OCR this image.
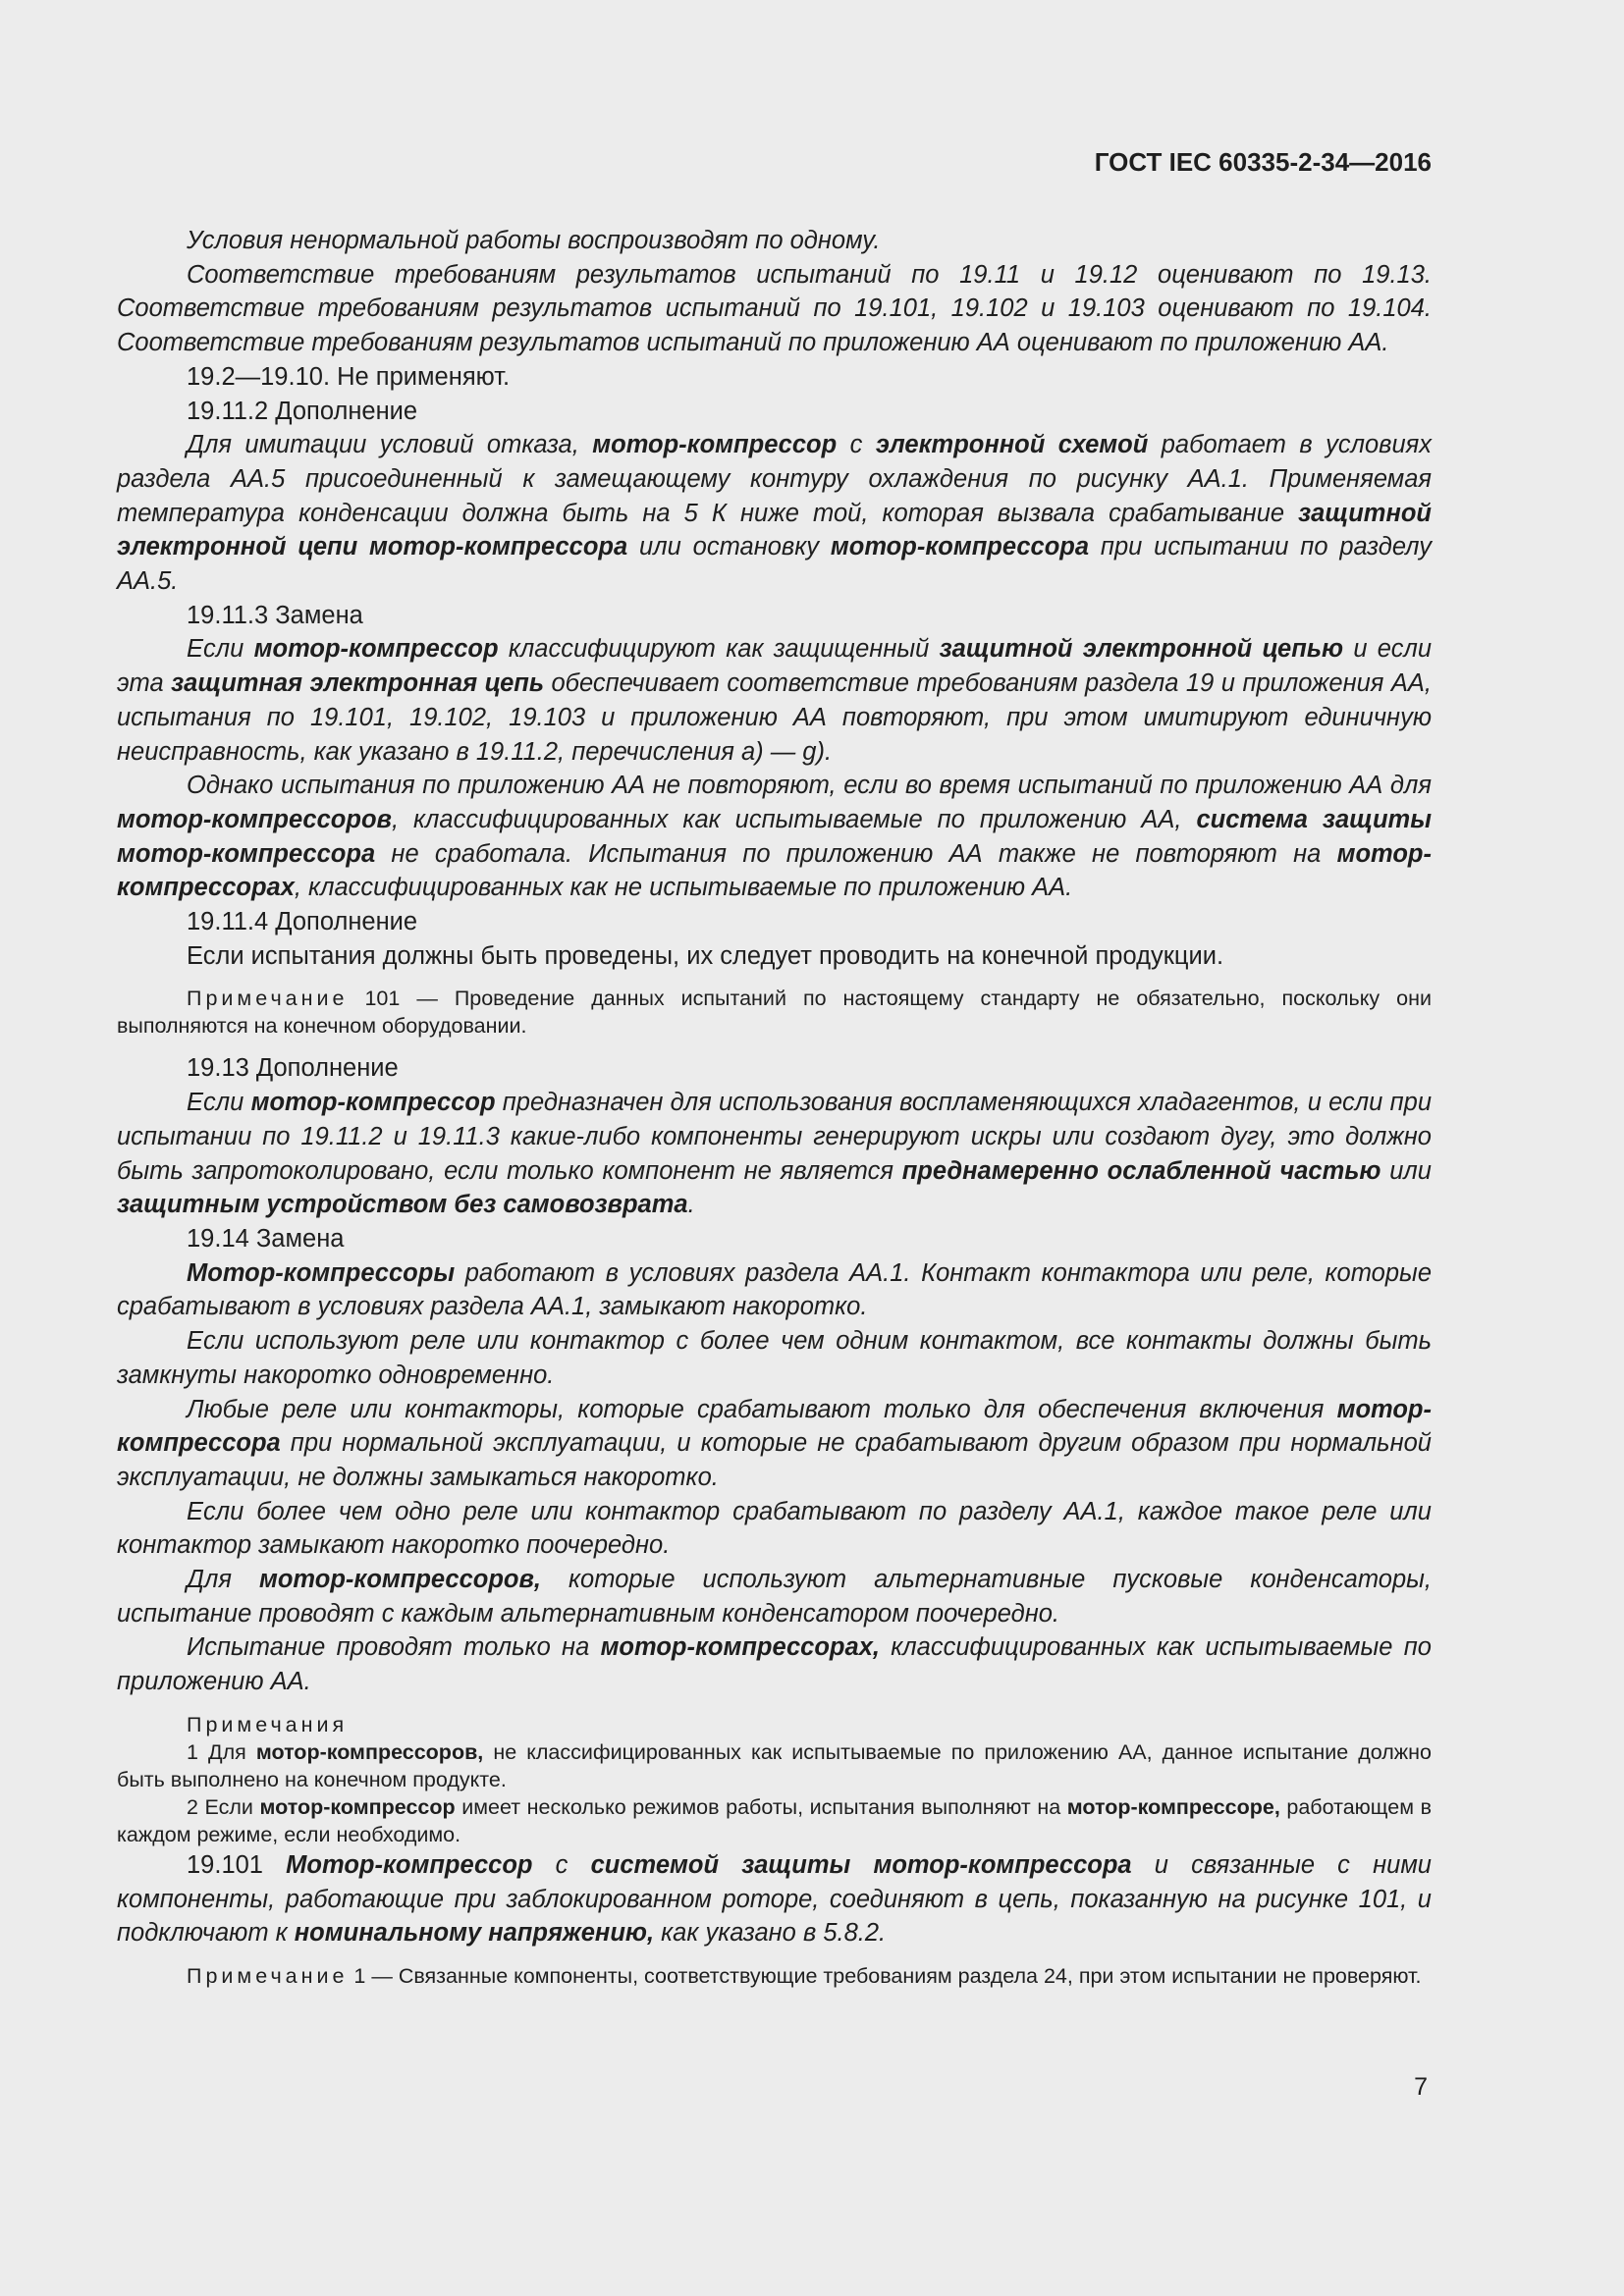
ГОСТ IEC 60335-2-34—2016

Условия ненормальной работы воспроизводят по одному.

Соответствие требованиям результатов испытаний по 19.11 и 19.12 оценивают по 19.13. Соответствие требованиям результатов испытаний по 19.101, 19.102 и 19.103 оценивают по 19.104. Соответствие требованиям результатов испытаний по приложению АА оценивают по приложению АА.

19.2—19.10. Не применяют.

19.11.2 Дополнение

Для имитации условий отказа, мотор-компрессор с электронной схемой работает в условиях раздела АА.5 присоединенный к замещающему контуру охлаждения по рисунку АА.1. Применяемая температура конденсации должна быть на 5 К ниже той, которая вызвала срабатывание защитной электронной цепи мотор-компрессора или остановку мотор-компрессора при испытании по разделу АА.5.

19.11.3 Замена

Если мотор-компрессор классифицируют как защищенный защитной электронной цепью и если эта защитная электронная цепь обеспечивает соответствие требованиям раздела 19 и приложения АА, испытания по 19.101, 19.102, 19.103 и приложению АА повторяют, при этом имитируют единичную неисправность, как указано в 19.11.2, перечисления а) — g).

Однако испытания по приложению АА не повторяют, если во время испытаний по приложению АА для мотор-компрессоров, классифицированных как испытываемые по приложению АА, система защиты мотор-компрессора не сработала. Испытания по приложению АА также не повторяют на мотор-компрессорах, классифицированных как не испытываемые по приложению АА.

19.11.4 Дополнение

Если испытания должны быть проведены, их следует проводить на конечной продукции.

Примечание 101 — Проведение данных испытаний по настоящему стандарту не обязательно, поскольку они выполняются на конечном оборудовании.

19.13 Дополнение

Если мотор-компрессор предназначен для использования воспламеняющихся хладагентов, и если при испытании по 19.11.2 и 19.11.3 какие-либо компоненты генерируют искры или создают дугу, это должно быть запротоколировано, если только компонент не является преднамеренно ослабленной частью или защитным устройством без самовозврата.

19.14 Замена

Мотор-компрессоры работают в условиях раздела АА.1. Контакт контактора или реле, которые срабатывают в условиях раздела АА.1, замыкают накоротко.

Если используют реле или контактор с более чем одним контактом, все контакты должны быть замкнуты накоротко одновременно.

Любые реле или контакторы, которые срабатывают только для обеспечения включения мотор-компрессора при нормальной эксплуатации, и которые не срабатывают другим образом при нормальной эксплуатации, не должны замыкаться накоротко.

Если более чем одно реле или контактор срабатывают по разделу АА.1, каждое такое реле или контактор замыкают накоротко поочередно.

Для мотор-компрессоров, которые используют альтернативные пусковые конденсаторы, испытание проводят с каждым альтернативным конденсатором поочередно.

Испытание проводят только на мотор-компрессорах, классифицированных как испытываемые по приложению АА.

Примечания

1 Для мотор-компрессоров, не классифицированных как испытываемые по приложению АА, данное испытание должно быть выполнено на конечном продукте.

2 Если мотор-компрессор имеет несколько режимов работы, испытания выполняют на мотор-компрессоре, работающем в каждом режиме, если необходимо.

19.101 Мотор-компрессор с системой защиты мотор-компрессора и связанные с ними компоненты, работающие при заблокированном роторе, соединяют в цепь, показанную на рисунке 101, и подключают к номинальному напряжению, как указано в 5.8.2.

Примечание 1 — Связанные компоненты, соответствующие требованиям раздела 24, при этом испытании не проверяют.

7
